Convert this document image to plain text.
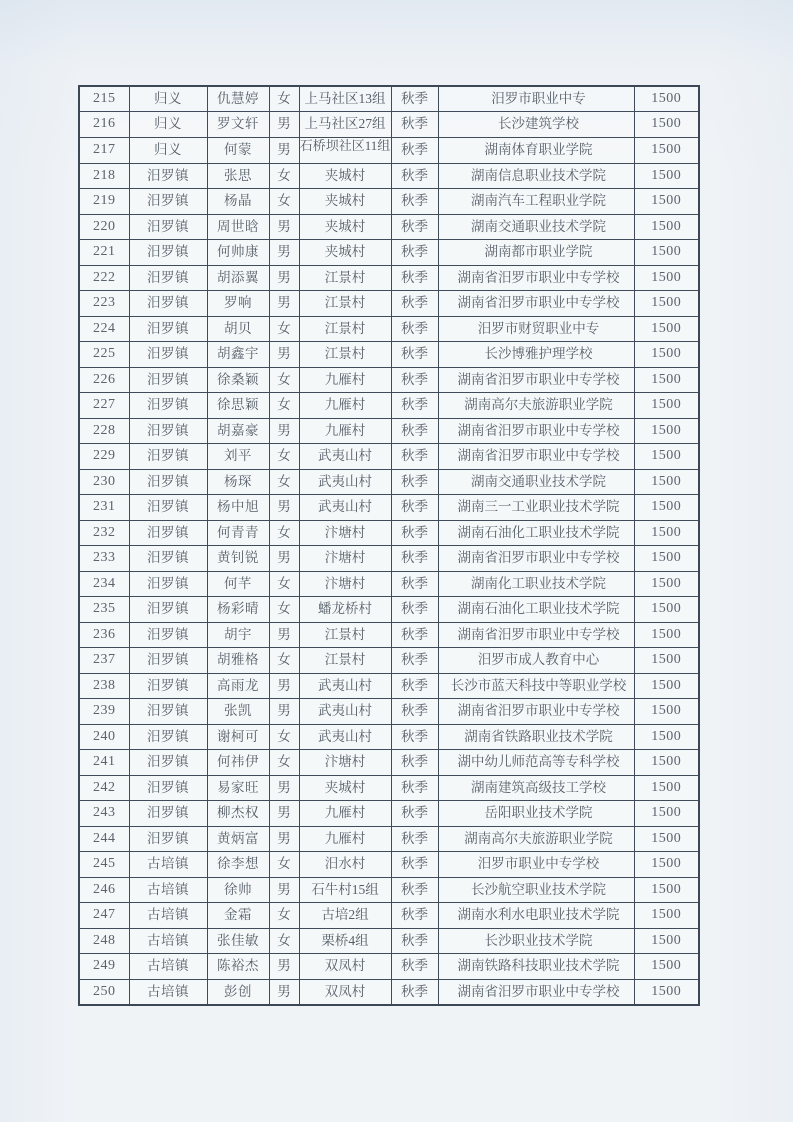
215	归义	仇慧婷	女	上马社区13组	秋季	汨罗市职业中专	1500

216	归义	罗文轩	男	上马社区27组	秋季	长沙建筑学校	1500

217	归义	何蒙	男	石桥坝社区11组	秋季	湖南体育职业学院	1500

218	汨罗镇	张思	女	夹城村	秋季	湖南信息职业技术学院	1500

219	汨罗镇	杨晶	女	夹城村	秋季	湖南汽车工程职业学院	1500

220	汨罗镇	周世晗	男	夹城村	秋季	湖南交通职业技术学院	1500

221	汨罗镇	何帅康	男	夹城村	秋季	湖南都市职业学院	1500

222	汨罗镇	胡添翼	男	江景村	秋季	湖南省汨罗市职业中专学校	1500

223	汨罗镇	罗响	男	江景村	秋季	湖南省汨罗市职业中专学校	1500

224	汨罗镇	胡贝	女	江景村	秋季	汨罗市财贸职业中专	1500

225	汨罗镇	胡鑫宇	男	江景村	秋季	长沙博雅护理学校	1500

226	汨罗镇	徐桑颖	女	九雁村	秋季	湖南省汨罗市职业中专学校	1500

227	汨罗镇	徐思颖	女	九雁村	秋季	湖南高尔夫旅游职业学院	1500

228	汨罗镇	胡嘉豪	男	九雁村	秋季	湖南省汨罗市职业中专学校	1500

229	汨罗镇	刘平	女	武夷山村	秋季	湖南省汨罗市职业中专学校	1500

230	汨罗镇	杨琛	女	武夷山村	秋季	湖南交通职业技术学院	1500

231	汨罗镇	杨中旭	男	武夷山村	秋季	湖南三一工业职业技术学院	1500

232	汨罗镇	何青青	女	汴塘村	秋季	湖南石油化工职业技术学院	1500

233	汨罗镇	黄钊锐	男	汴塘村	秋季	湖南省汨罗市职业中专学校	1500

234	汨罗镇	何芊	女	汴塘村	秋季	湖南化工职业技术学院	1500

235	汨罗镇	杨彩晴	女	蟠龙桥村	秋季	湖南石油化工职业技术学院	1500

236	汨罗镇	胡宇	男	江景村	秋季	湖南省汨罗市职业中专学校	1500

237	汨罗镇	胡雅格	女	江景村	秋季	汨罗市成人教育中心	1500

238	汨罗镇	高雨龙	男	武夷山村	秋季	长沙市蓝天科技中等职业学校	1500

239	汨罗镇	张凯	男	武夷山村	秋季	湖南省汨罗市职业中专学校	1500

240	汨罗镇	谢柯可	女	武夷山村	秋季	湖南省铁路职业技术学院	1500

241	汨罗镇	何祎伊	女	汴塘村	秋季	湖中幼儿师范高等专科学校	1500

242	汨罗镇	易家旺	男	夹城村	秋季	湖南建筑高级技工学校	1500

243	汨罗镇	柳杰权	男	九雁村	秋季	岳阳职业技术学院	1500

244	汨罗镇	黄炳富	男	九雁村	秋季	湖南高尔夫旅游职业学院	1500

245	古培镇	徐李想	女	汨水村	秋季	汨罗市职业中专学校	1500

246	古培镇	徐帅	男	石牛村15组	秋季	长沙航空职业技术学院	1500

247	古培镇	金霜	女	古培2组	秋季	湖南水利水电职业技术学院	1500

248	古培镇	张佳敏	女	栗桥4组	秋季	长沙职业技术学院	1500

249	古培镇	陈裕杰	男	双凤村	秋季	湖南铁路科技职业技术学院	1500

250	古培镇	彭创	男	双凤村	秋季	湖南省汨罗市职业中专学校	1500
